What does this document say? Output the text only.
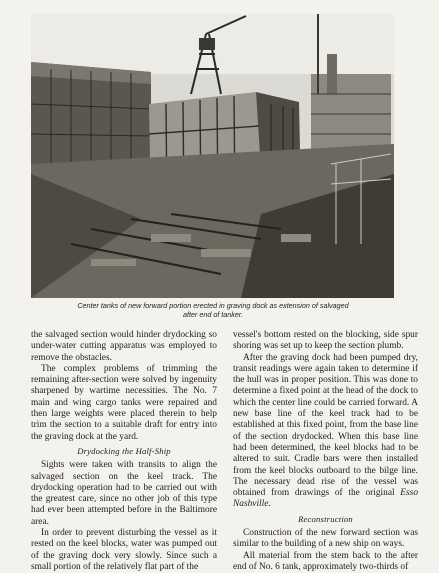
Center tanks of new forward portion erected in graving dock as extension of salvaged
after end of tanker.

the salvaged section would hinder drydocking so under-water cutting apparatus was employed to remove the obstacles.

The complex problems of trimming the remaining after-section were solved by ingenuity sharpened by wartime necessities. The No. 7 main and wing cargo tanks were repaired and then large weights were placed therein to help trim the section to a suitable draft for entry into the graving dock at the yard.

Drydocking the Half-Ship

Sights were taken with transits to align the salvaged section on the keel track. The drydocking operation had to be carried out with the greatest care, since no other job of this type had ever been attempted before in the Baltimore area.

In order to prevent disturbing the vessel as it rested on the keel blocks, water was pumped out of the graving dock very slowly. Since such a small portion of the relatively flat part of the

vessel's bottom rested on the blocking, side spur shoring was set up to keep the section plumb.

After the graving dock had been pumped dry, transit readings were again taken to determine if the hull was in proper position. This was done to determine a fixed point at the head of the dock to which the center line could be carried forward. A new base line of the keel track had to be established at this fixed point, from the base line of the section drydocked. When this base line had been determined, the keel blocks had to be altered to suit. Cradle bars were then installed from the keel blocks outboard to the bilge line. The necessary dead rise of the vessel was obtained from drawings of the original Esso Nashville.

Reconstruction

Construction of the new forward section was similar to the building of a new ship on ways.

All material from the stem back to the after end of No. 6 tank, approximately two-thirds of
